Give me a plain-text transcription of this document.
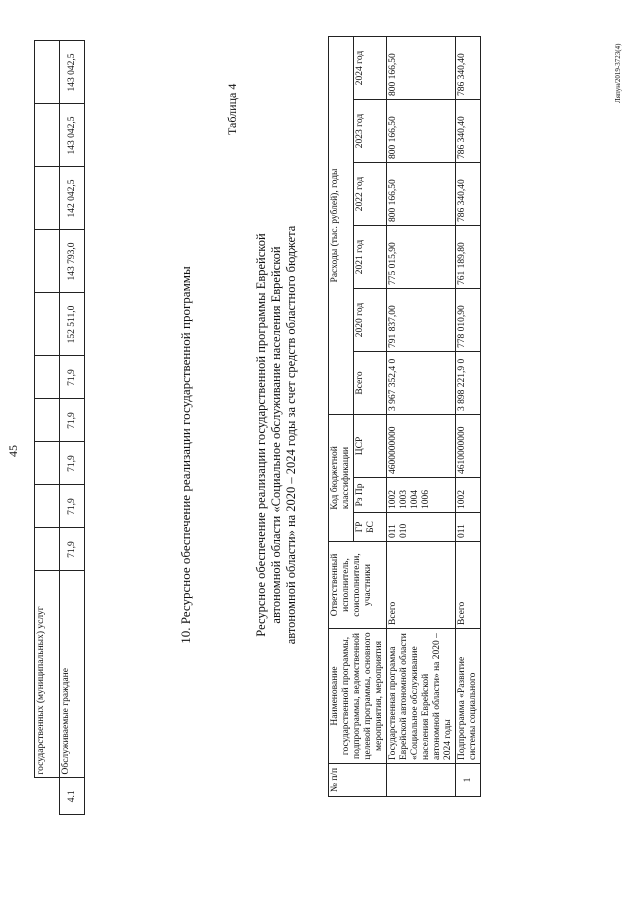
45
	государственных (муниципальных) услуг										
4.1	Обслуживаемые граждане	71,9	71,9	71,9	71,9	71,9	152 511,0	143 793,0	142 042,5	143 042,5	143 042,5
10. Ресурсное обеспечение реализации государственной программы
Таблица 4
Ресурсное обеспечение реализации государственной программы Еврейской автономной области «Социальное обслуживание населения Еврейской автономной области» на 2020 – 2024 годы за счет средств областного бюджета
№ п/п	Наименование государственной программы, подпрограммы, ведомственной целевой программы, основного мероприятия, мероприятия	Ответственный исполнитель, соисполнители, участники	Код бюджетной классификации			Расходы (тыс. рублей), годы					
			ГР БС	Рз Пр	ЦСР	Всего	2020 год	2021 год	2022 год	2023 год	2024 год

	Государственная программа Еврейской автономной области «Социальное обслуживание населения Еврейской автономной области» на 2020 – 2024 годы	Всего	011 010	1002 1003 1004 1006	4600000000	3 967 352,4 0	791 837,00	775 015,90	800 166,50	800 166,50	800 166,50
1	Подпрограмма «Развитие системы социального	Всего	011	1002	4610000000	3 898 221,9 0	778 010,90	761 189,80	786 340,40	786 340,40	786 340,40	Ляпун/2019-3723(4)
